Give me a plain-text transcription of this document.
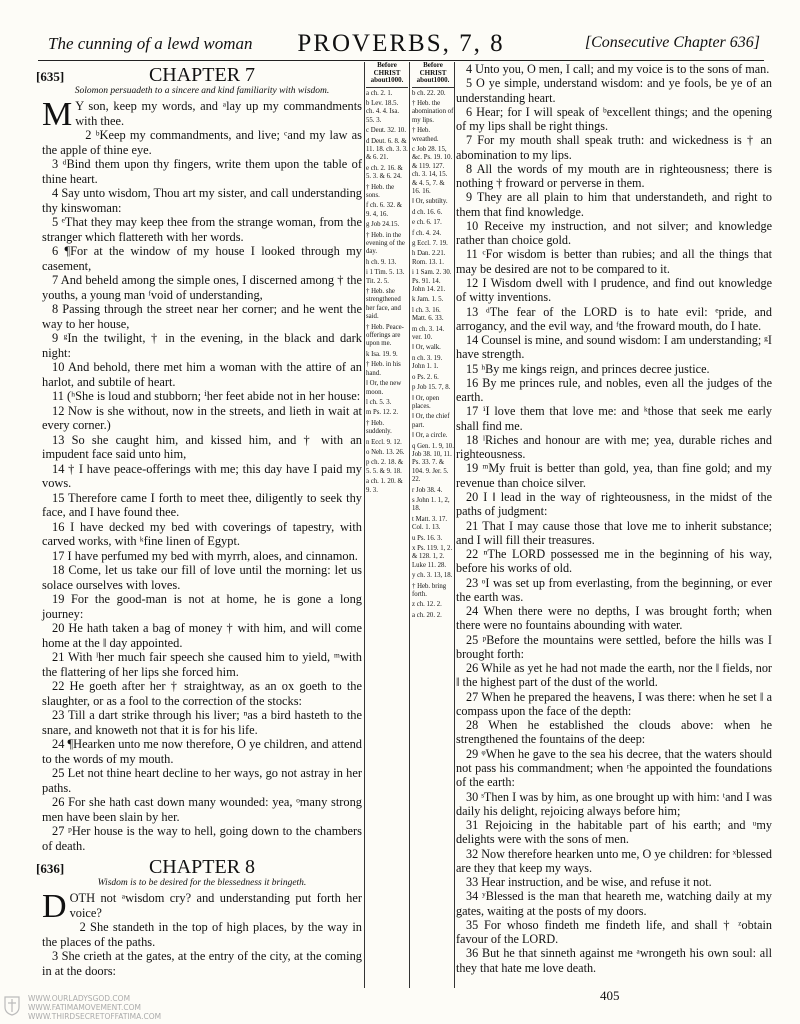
The cunning of a lewd woman	PROVERBS, 7, 8	[Consecutive Chapter 636]
[635]	CHAPTER 7
Solomon persuadeth to a sincere and kind familiarity with wisdom.

M Y son, keep my words, and ᵃlay up my commandments with thee.

2 ᵇKeep my commandments, and live; ᶜand my law as the apple of thine eye.

3 ᵈBind them upon thy fingers, write them upon the table of thine heart.

4 Say unto wisdom, Thou art my sister, and call understanding thy kinswoman:

5 ᵉThat they may keep thee from the strange woman, from the stranger which flattereth with her words.

6 ¶For at the window of my house I looked through my casement,

7 And beheld among the simple ones, I discerned among † the youths, a young man ᶠvoid of understanding,

8 Passing through the street near her corner; and he went the way to her house,

9 ᵍIn the twilight, † in the evening, in the black and dark night:

10 And behold, there met him a woman with the attire of an harlot, and subtile of heart.

11 (ʰShe is loud and stubborn; ⁱher feet abide not in her house:

12 Now is she without, now in the streets, and lieth in wait at every corner.)

13 So she caught him, and kissed him, and † with an impudent face said unto him,

14 † I have peace-offerings with me; this day have I paid my vows.

15 Therefore came I forth to meet thee, diligently to seek thy face, and I have found thee.

16 I have decked my bed with coverings of tapestry, with carved works, with ᵏfine linen of Egypt.

17 I have perfumed my bed with myrrh, aloes, and cinnamon.

18 Come, let us take our fill of love until the morning: let us solace ourselves with loves.

19 For the good-man is not at home, he is gone a long journey:

20 He hath taken a bag of money † with him, and will come home at the ‖ day appointed.

21 With ˡher much fair speech she caused him to yield, ᵐwith the flattering of her lips she forced him.

22 He goeth after her † straightway, as an ox goeth to the slaughter, or as a fool to the correction of the stocks:

23 Till a dart strike through his liver; ⁿas a bird hasteth to the snare, and knoweth not that it is for his life.

24 ¶Hearken unto me now therefore, O ye children, and attend to the words of my mouth.

25 Let not thine heart decline to her ways, go not astray in her paths.

26 For she hath cast down many wounded: yea, ᵒmany strong men have been slain by her.

27 ᵖHer house is the way to hell, going down to the chambers of death.

[636]	CHAPTER 8
Wisdom is to be desired for the blessedness it bringeth.

DOTH not ᵃwisdom cry? and understanding put forth her voice?

2 She standeth in the top of high places, by the way in the places of the paths.

3 She crieth at the gates, at the entry of the city, at the coming in at the doors:

Before
CHRIST
about1000.
a ch. 2. 1.
b Lev. 18.5. ch. 4. 4. Isa. 55. 3.
c Deut. 32. 10.
d Deut. 6. 8. & 11. 18. ch. 3. 3. & 6. 21.
e ch. 2. 16. & 5. 3. & 6. 24.
† Heb. the sons.
f ch. 6. 32. & 9. 4, 16.
g Job 24.15.
† Heb. in the evening of the day.
h ch. 9. 13.
i 1 Tim. 5. 13. Tit. 2. 5.
† Heb. she strengthened her face, and said.
† Heb. Peace-offerings are upon me.
k Isa. 19. 9.
† Heb. in his hand.
‖ Or, the new moon.
l ch. 5. 3.
m Ps. 12. 2.
† Heb. suddenly.
n Eccl. 9. 12.
o Neh. 13. 26.
p ch. 2. 18. & 5. 5. & 9. 18.
a ch. 1. 20. & 9. 3.
Before
CHRIST
about1000.
b ch. 22. 20.
† Heb. the abomination of my lips.
† Heb. wreathed.
c Job 28. 15, &c. Ps. 19. 10. & 119. 127. ch. 3. 14, 15. & 4. 5, 7. & 16. 16.
‖ Or, subtilty.
d ch. 16. 6.
e ch. 6. 17.
f ch. 4. 24.
g Eccl. 7. 19.
h Dan. 2.21. Rom. 13. 1.
i 1 Sam. 2. 30. Ps. 91. 14. John 14. 21.
k Jam. 1. 5.
l ch. 3. 16. Matt. 6. 33.
m ch. 3. 14. ver. 10.
‖ Or, walk.
n ch. 3. 19. John 1. 1.
o Ps. 2. 6.
p Job 15. 7, 8.
‖ Or, open places.
‖ Or, the chief part.
‖ Or, a circle.
q Gen. 1. 9, 10. Job 38. 10, 11. Ps. 33. 7. & 104. 9. Jer. 5. 22.
r Job 38. 4.
s John 1. 1, 2, 18.
t Matt. 3. 17. Col. 1. 13.
u Ps. 16. 3.
x Ps. 119. 1, 2. & 128. 1, 2. Luke 11. 28.
y ch. 3. 13, 18.
† Heb. bring forth.
z ch. 12. 2.
a ch. 20. 2.

4 Unto you, O men, I call; and my voice is to the sons of man.

5 O ye simple, understand wisdom: and ye fools, be ye of an understanding heart.

6 Hear; for I will speak of ᵇexcellent things; and the opening of my lips shall be right things.

7 For my mouth shall speak truth: and wickedness is † an abomination to my lips.

8 All the words of my mouth are in righteousness; there is nothing † froward or perverse in them.

9 They are all plain to him that understandeth, and right to them that find knowledge.

10 Receive my instruction, and not silver; and knowledge rather than choice gold.

11 ᶜFor wisdom is better than rubies; and all the things that may be desired are not to be compared to it.

12 I Wisdom dwell with ‖ prudence, and find out knowledge of witty inventions.

13 ᵈThe fear of the LORD is to hate evil: ᵉpride, and arrogancy, and the evil way, and ᶠthe froward mouth, do I hate.

14 Counsel is mine, and sound wisdom: I am understanding; ᵍI have strength.

15 ʰBy me kings reign, and princes decree justice.

16 By me princes rule, and nobles, even all the judges of the earth.

17 ⁱI love them that love me: and ᵏthose that seek me early shall find me.

18 ˡRiches and honour are with me; yea, durable riches and righteousness.

19 ᵐMy fruit is better than gold, yea, than fine gold; and my revenue than choice silver.

20 I ‖ lead in the way of righteousness, in the midst of the paths of judgment:

21 That I may cause those that love me to inherit substance; and I will fill their treasures.

22 ⁿThe LORD possessed me in the beginning of his way, before his works of old.

23 ᵒI was set up from everlasting, from the beginning, or ever the earth was.

24 When there were no depths, I was brought forth; when there were no fountains abounding with water.

25 ᵖBefore the mountains were settled, before the hills was I brought forth:

26 While as yet he had not made the earth, nor the ‖ fields, nor ‖ the highest part of the dust of the world.

27 When he prepared the heavens, I was there: when he set ‖ a compass upon the face of the depth:

28 When he established the clouds above: when he strengthened the fountains of the deep:

29 ᵠWhen he gave to the sea his decree, that the waters should not pass his commandment; when ʳhe appointed the foundations of the earth:

30 ˢThen I was by him, as one brought up with him: ᵗand I was daily his delight, rejoicing always before him;

31 Rejoicing in the habitable part of his earth; and ᵘmy delights were with the sons of men.

32 Now therefore hearken unto me, O ye children: for ˣblessed are they that keep my ways.

33 Hear instruction, and be wise, and refuse it not.

34 ʸBlessed is the man that heareth me, watching daily at my gates, waiting at the posts of my doors.

35 For whoso findeth me findeth life, and shall † ᶻobtain favour of the LORD.

36 But he that sinneth against me ᵃwrongeth his own soul: all they that hate me love death.

405
WWW.OURLADYSGOD.COM
WWW.FATIMAMOVEMENT.COM
WWW.THIRDSECRETOFFATIMA.COM
